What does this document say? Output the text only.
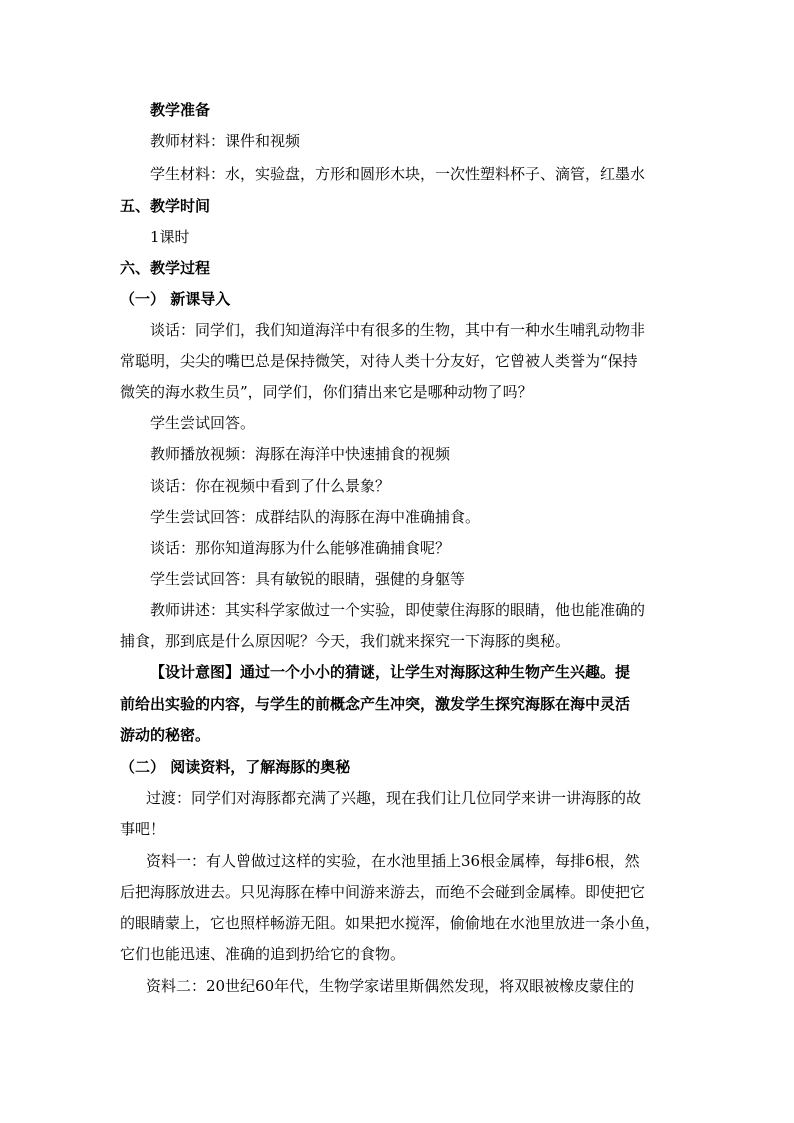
教学准备
教师材料：课件和视频
学生材料：水，实验盘，方形和圆形木块，一次性塑料杯子、滴管，红墨水
五、教学时间
1课时
六、教学过程
（一） 新课导入
谈话：同学们，我们知道海洋中有很多的生物，其中有一种水生哺乳动物非
常聪明，尖尖的嘴巴总是保持微笑，对待人类十分友好，它曾被人类誉为“保持
微笑的海水救生员”，同学们，你们猜出来它是哪种动物了吗？
学生尝试回答。
教师播放视频：海豚在海洋中快速捕食的视频
谈话：你在视频中看到了什么景象？
学生尝试回答：成群结队的海豚在海中准确捕食。
谈话：那你知道海豚为什么能够准确捕食呢？
学生尝试回答：具有敏锐的眼睛，强健的身躯等
教师讲述：其实科学家做过一个实验，即使蒙住海豚的眼睛，他也能准确的
捕食，那到底是什么原因呢？今天，我们就来探究一下海豚的奥秘。
【设计意图】通过一个小小的猜谜，让学生对海豚这种生物产生兴趣。提
前给出实验的内容，与学生的前概念产生冲突，激发学生探究海豚在海中灵活
游动的秘密。
（二） 阅读资料，了解海豚的奥秘
过渡：同学们对海豚都充满了兴趣，现在我们让几位同学来讲一讲海豚的故
事吧！
资料一：有人曾做过这样的实验，在水池里插上36根金属棒，每排6根，然
后把海豚放进去。只见海豚在棒中间游来游去，而绝不会碰到金属棒。即使把它
的眼睛蒙上，它也照样畅游无阻。如果把水搅浑，偷偷地在水池里放进一条小鱼，
它们也能迅速、准确的追到扔给它的食物。
资料二：20世纪60年代，生物学家诺里斯偶然发现，将双眼被橡皮蒙住的
